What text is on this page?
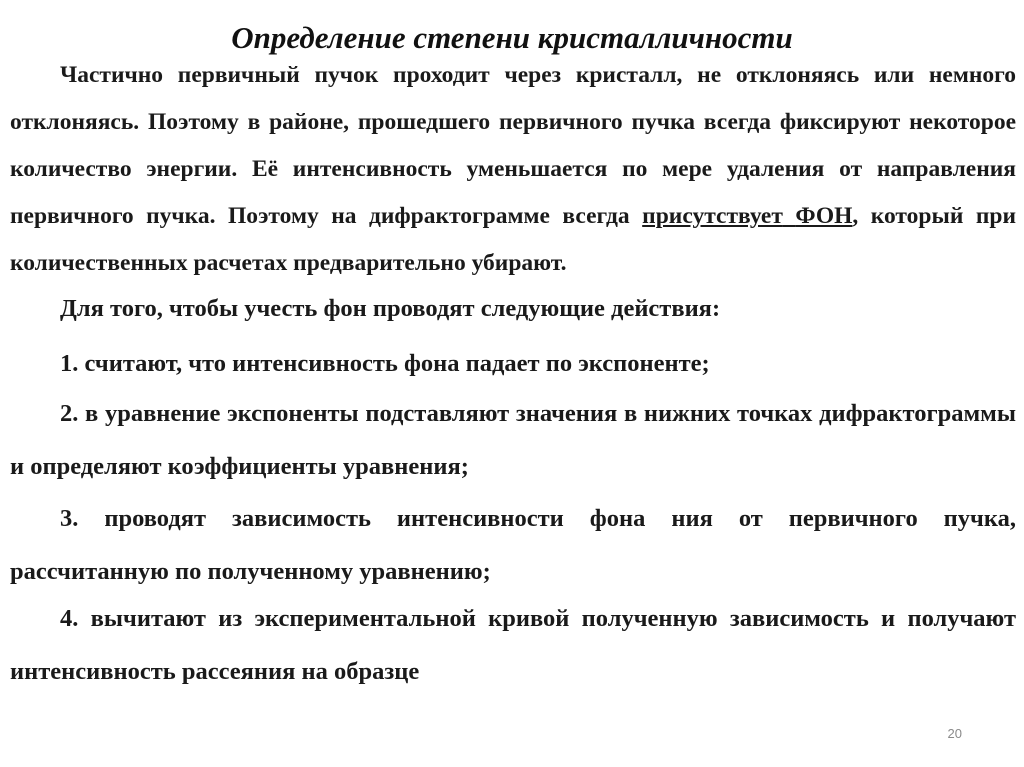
Определение степени кристалличности
Частично первичный пучок проходит через кристалл, не отклоняясь или немного отклоняясь. Поэтому в районе, прошедшего первичного пучка всегда фиксируют некоторое количество энергии. Её интенсивность уменьшается по мере удаления от направления первичного пучка. Поэтому на дифрактограмме всегда присутствует ФОН, который при количественных расчетах предварительно убирают.
Для того, чтобы учесть фон проводят следующие действия:
1. считают, что интенсивность фона падает по экспоненте;
2. в уравнение экспоненты подставляют значения в нижних точках дифрактограммы и определяют коэффициенты уравнения;
3. проводят зависимость интенсивности фона ния от первичного пучка, рассчитанную по полученному уравнению;
4. вычитают из экспериментальной кривой полученную зависимость и получают интенсивность рассеяния на образце
20
